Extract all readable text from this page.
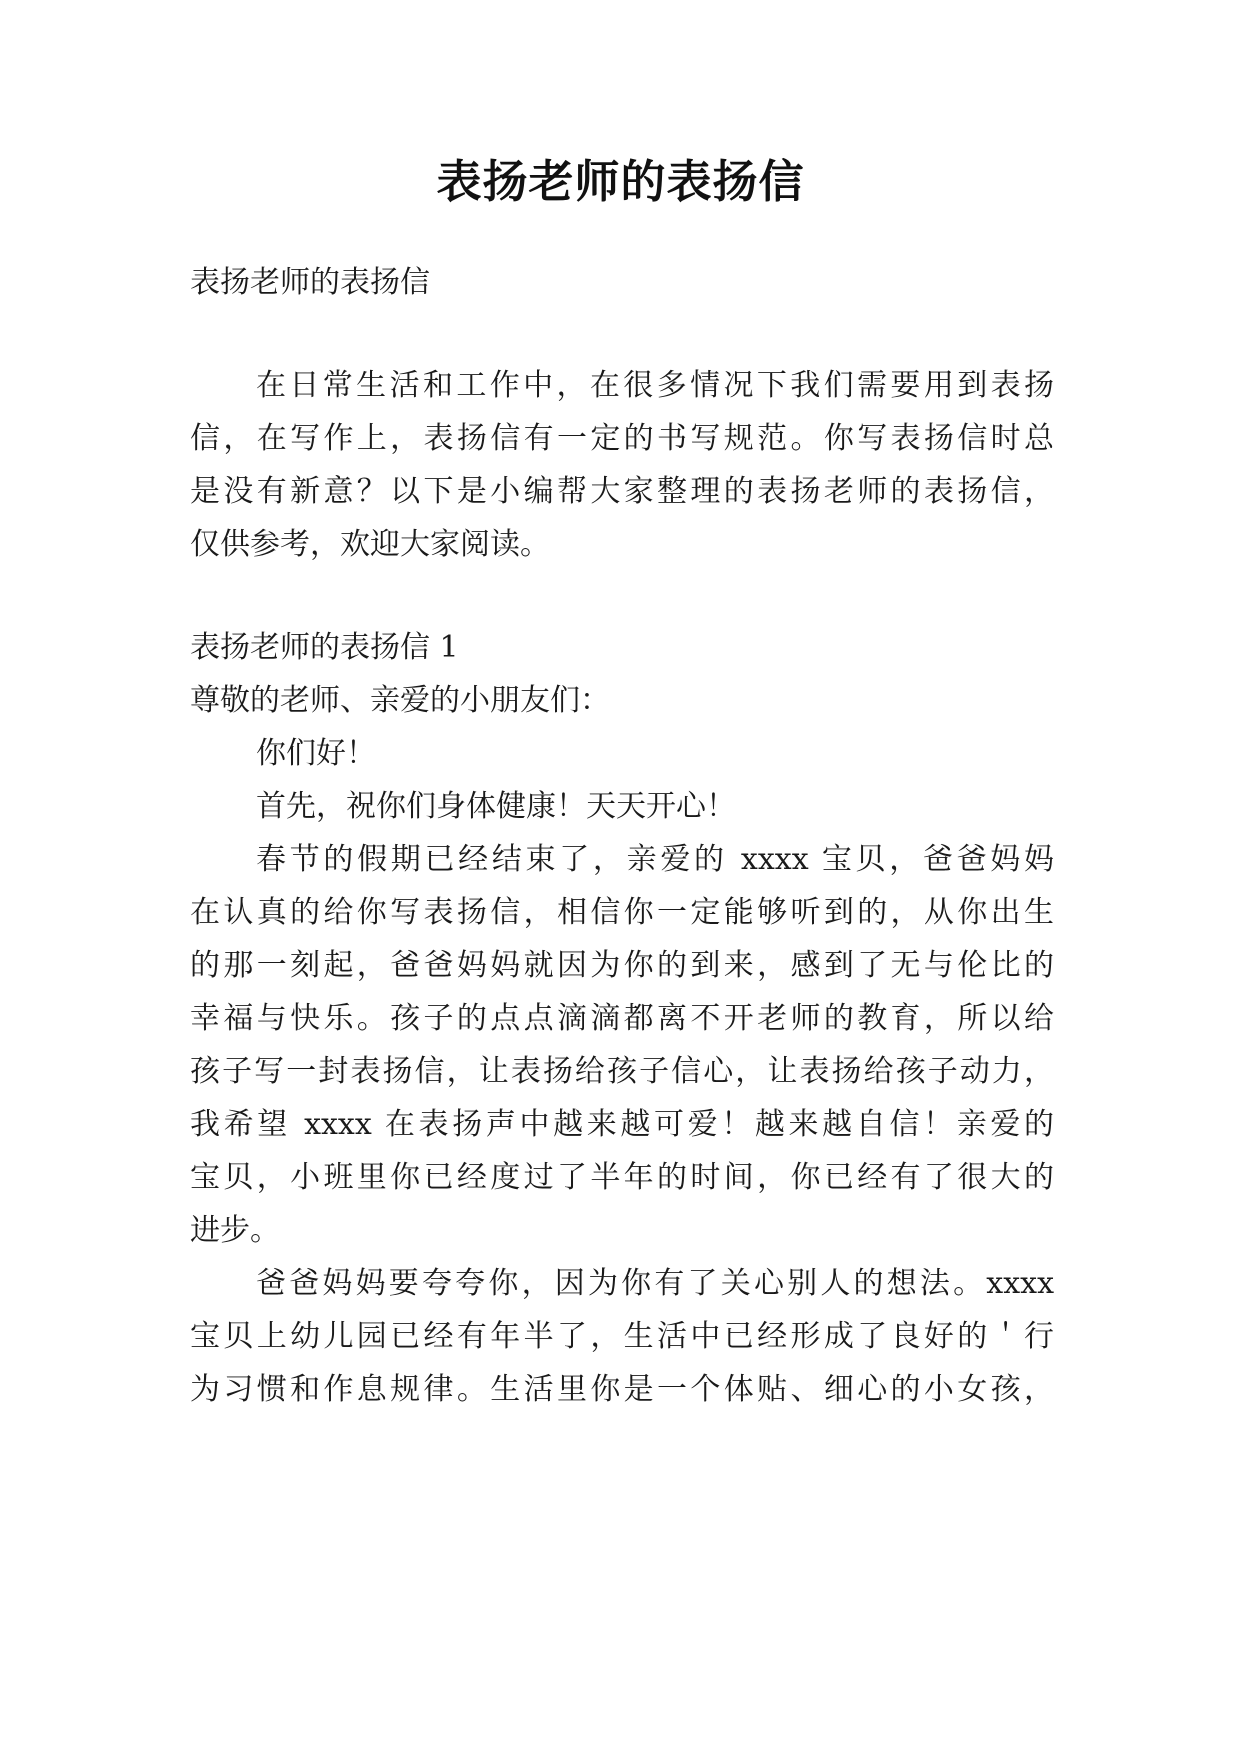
表扬老师的表扬信
表扬老师的表扬信
在日常生活和工作中，在很多情况下我们需要用到表扬
信，在写作上，表扬信有一定的书写规范。你写表扬信时总
是没有新意？以下是小编帮大家整理的表扬老师的表扬信，
仅供参考，欢迎大家阅读。
表扬老师的表扬信 1
尊敬的老师、亲爱的小朋友们：
你们好！
首先，祝你们身体健康！天天开心！
春节的假期已经结束了，亲爱的 xxxx 宝贝，爸爸妈妈
在认真的给你写表扬信，相信你一定能够听到的，从你出生
的那一刻起，爸爸妈妈就因为你的到来，感到了无与伦比的
幸福与快乐。孩子的点点滴滴都离不开老师的教育，所以给
孩子写一封表扬信，让表扬给孩子信心，让表扬给孩子动力，
我希望 xxxx 在表扬声中越来越可爱！越来越自信！亲爱的
宝贝，小班里你已经度过了半年的时间，你已经有了很大的
进步。
爸爸妈妈要夸夸你，因为你有了关心别人的想法。xxxx
宝贝上幼儿园已经有年半了，生活中已经形成了良好的＇行
为习惯和作息规律。生活里你是一个体贴、细心的小女孩，
